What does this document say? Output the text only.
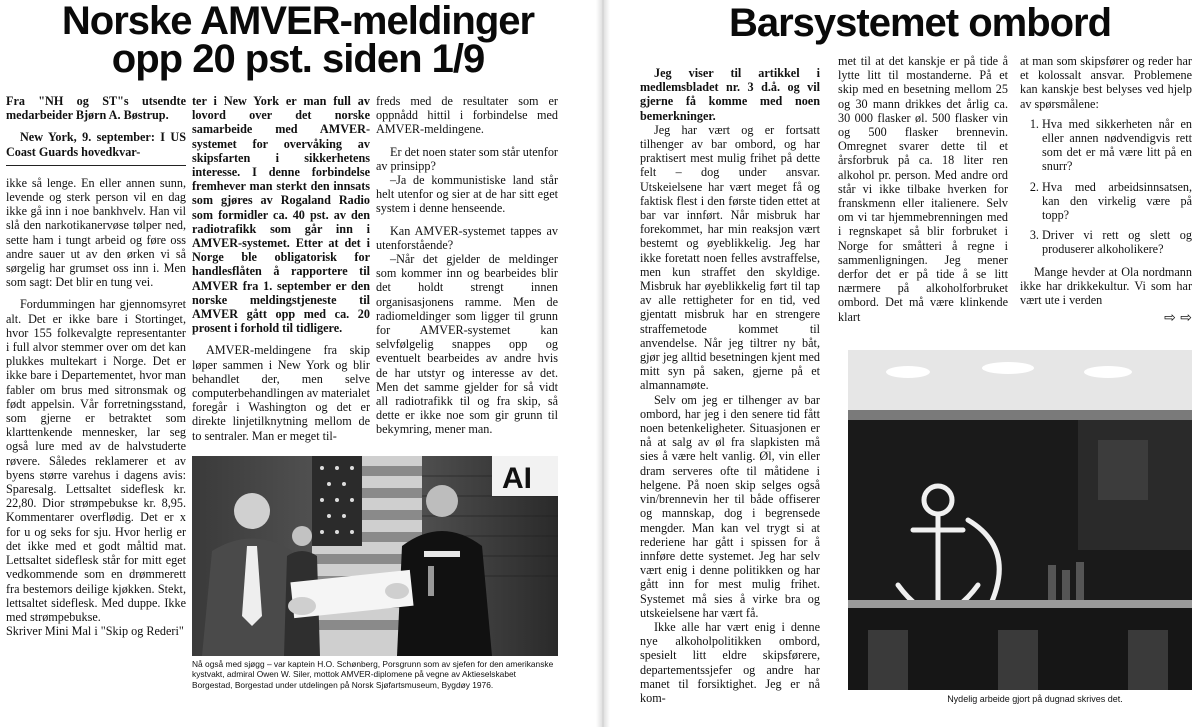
Norske AMVER-meldinger
opp 20 pst. siden 1/9

Fra "NH og ST"s utsendte medarbeider Bjørn A. Bøstrup.

New York, 9. september: I US Coast Guards hovedkvar-

ikke så lenge. En eller annen sunn, levende og sterk person vil en dag ikke gå inn i noe bankhvelv. Han vil slå den narkotikanervøse tølper ned, sette ham i tungt arbeid og føre oss andre sauer ut av den ørken vi så sørgelig har grumset oss inn i. Men som sagt: Det blir en tung vei.

Fordummingen har gjennomsyret alt. Det er ikke bare i Stortinget, hvor 155 folkevalgte representanter i full alvor stemmer over om det kan plukkes multekart i Norge. Det er ikke bare i Departementet, hvor man fabler om brus med sitronsmak og født appelsin. Vår forretningsstand, som gjerne er betraktet som klarttenkende mennesker, lar seg også lure med av de halvstuderte røvere. Således reklamerer et av byens større varehus i dagens avis: Sparesalg. Lettsaltet sideflesk kr. 22,80. Dior strømpebukse kr. 8,95. Kommentarer overflødig. Det er x for u og seks for sju. Hvor herlig er det ikke med et godt måltid mat. Lettsaltet sideflesk står for mitt eget vedkommende som en drømmerett fra bestemors deilige kjøkken. Stekt, lettsaltet sideflesk. Med duppe. Ikke med strømpebukse.

Skriver Mini Mal i "Skip og Rederi"

ter i New York er man full av lovord over det norske samarbeide med AMVER-systemet for overvåking av skipsfarten i sikkerhetens interesse. I denne forbindelse fremhever man sterkt den innsats som gjøres av Rogaland Radio som formidler ca. 40 pst. av den radiotrafikk som går inn i AMVER-systemet. Etter at det i Norge ble obligatorisk for handlesflåten å rapportere til AMVER fra 1. september er den norske meldingstjeneste til AMVER gått opp med ca. 20 prosent i forhold til tidligere.

AMVER-meldingene fra skip løper sammen i New York og blir behandlet der, men selve computerbehandlingen av materialet foregår i Washington og det er direkte linjetilknytning mellom de to sentraler. Man er meget til-

freds med de resultater som er oppnådd hittil i forbindelse med AMVER-meldingene.

Er det noen stater som står utenfor av prinsipp?

–Ja de kommunistiske land står helt utenfor og sier at de har sitt eget system i denne henseende.

Kan AMVER-systemet tappes av utenforstående?

–Når det gjelder de meldinger som kommer inn og bearbeides blir det holdt strengt innen organisasjonens ramme. Men de radiomeldinger som ligger til grunn for AMVER-systemet kan selvfølgelig snappes opp og eventuelt bearbeides av andre hvis de har utstyr og interesse av det. Men det samme gjelder for så vidt all radiotrafikk til og fra skip, så dette er ikke noe som gir grunn til bekymring, mener man.

AI
Nå også med sjøgg – var kaptein H.O. Schønberg, Porsgrunn som av sjefen for den amerikanske kystvakt, admiral Owen W. Siler, mottok AMVER-diplomene på vegne av Aktieselskabet Borgestad, Borgestad under utdelingen på Norsk Sjøfartsmuseum, Bygdøy 1976.
Barsystemet ombord

Jeg viser til artikkel i medlemsbladet nr. 3 d.å. og vil gjerne få komme med noen bemerkninger.

Jeg har vært og er fortsatt tilhenger av bar ombord, og har praktisert mest mulig frihet på dette felt – dog under ansvar. Utskeielsene har vært meget få og faktisk flest i den første tiden ettet at bar var innført. Når misbruk har forekommet, har min reaksjon vært bestemt og øyeblikkelig. Jeg har ikke foretatt noen felles avstraffelse, men kun straffet den skyldige. Misbruk har øyeblikkelig ført til tap av alle rettigheter for en tid, ved gjentatt misbruk har en strengere straffemetode kommet til anvendelse. Når jeg tiltrer ny båt, gjør jeg alltid besetningen kjent med mitt syn på saken, gjerne på et almannamøte.

Selv om jeg er tilhenger av bar ombord, har jeg i den senere tid fått noen betenkeligheter. Situasjonen er nå at salg av øl fra slapkisten må sies å være helt vanlig. Øl, vin eller dram serveres ofte til måtidene i helgene. På noen skip selges også vin/brennevin her til både offiserer og mannskap, dog i begrensede mengder. Man kan vel trygt si at rederiene har gått i spissen for å innføre dette systemet. Jeg har selv vært enig i denne politikken og har gått inn for mest mulig frihet. Systemet må sies å virke bra og utskeielsene har vært få.

Ikke alle har vært enig i denne nye alkoholpolitikken ombord, spesielt litt eldre skipsførere, departementssjefer og andre har manet til forsiktighet. Jeg er nå kom-

met til at det kanskje er på tide å lytte litt til mostanderne. På et skip med en besetning mellom 25 og 30 mann drikkes det årlig ca. 30 000 flasker øl. 500 flasker vin og 500 flasker brennevin. Omregnet svarer dette til et årsforbruk på ca. 18 liter ren alkohol pr. person. Med andre ord står vi ikke tilbake hverken for franskmenn eller italienere. Selv om vi tar hjemmebrenningen med i regnskapet så blir forbruket i Norge for småtteri å regne i sammenligningen. Jeg mener derfor det er på tide å se litt nærmere på alkoholforbruket ombord. Det må være klinkende klart

at man som skipsfører og reder har et kolossalt ansvar. Problemene kan kanskje best belyses ved hjelp av spørsmålene:

1. Hva med sikkerheten når en eller annen nødvendigvis rett som det er må være litt på en snurr?
2. Hva med arbeidsinnsatsen, kan den virkelig være på topp?
3. Driver vi rett og slett og produserer alkoholikere?

Mange hevder at Ola nordmann ikke har drikkekultur. Vi som har vært ute i verden

⇨ ⇨
Nydelig arbeide gjort på dugnad skrives det.
